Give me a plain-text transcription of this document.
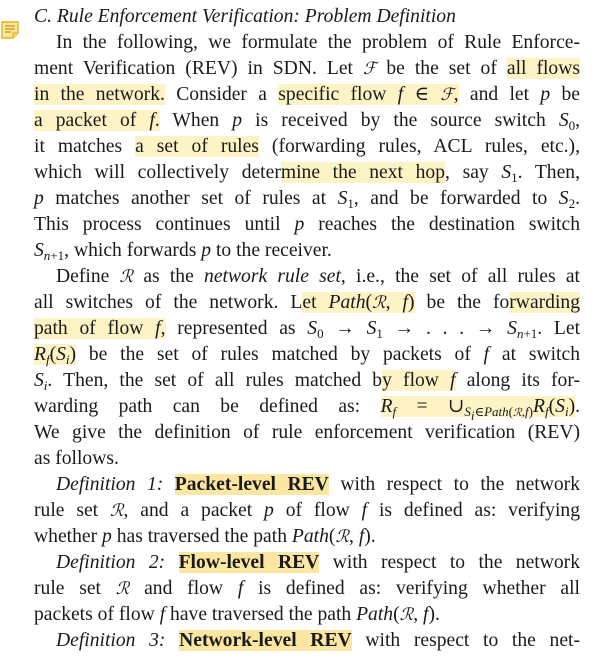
C. Rule Enforcement Verification: Problem Definition
In the following, we formulate the problem of Rule Enforce-
ment Verification (REV) in SDN. Let ℱ be the set of all flows
in the network. Consider a specific flow f ∈ ℱ, and let p be
a packet of f. When p is received by the source switch $S_0$,
it matches a set of rules (forwarding rules, ACL rules, etc.),
which will collectively determine the next hop, say $S_1$. Then,
p matches another set of rules at $S_1$, and be forwarded to $S_2$.
This process continues until p reaches the destination switch
$S_{n+1}$, which forwards p to the receiver.
Define ℛ as the network rule set, i.e., the set of all rules at
all switches of the network. Let Path(ℛ, f) be the forwarding
path of flow f, represented as $S_0 \to S_1$ → . . . → $S_{n+1}$. Let
$R_f(S_i)$ be the set of rules matched by packets of f at switch
$S_i$. Then, the set of all rules matched by flow f along its for-
warding path can be defined as: $R_f$ = $\cup_{S_i\in Path(ℛ,f)}R_f(S_i)$.
We give the definition of rule enforcement verification (REV)
as follows.
Definition 1: Packet-level REV with respect to the network
rule set ℛ, and a packet p of flow f is defined as: verifying
whether p has traversed the path Path(ℛ, f).
Definition 2: Flow-level REV with respect to the network
rule set ℛ and flow f is defined as: verifying whether all
packets of flow f have traversed the path Path(ℛ, f).
Definition 3: Network-level REV with respect to the net-
